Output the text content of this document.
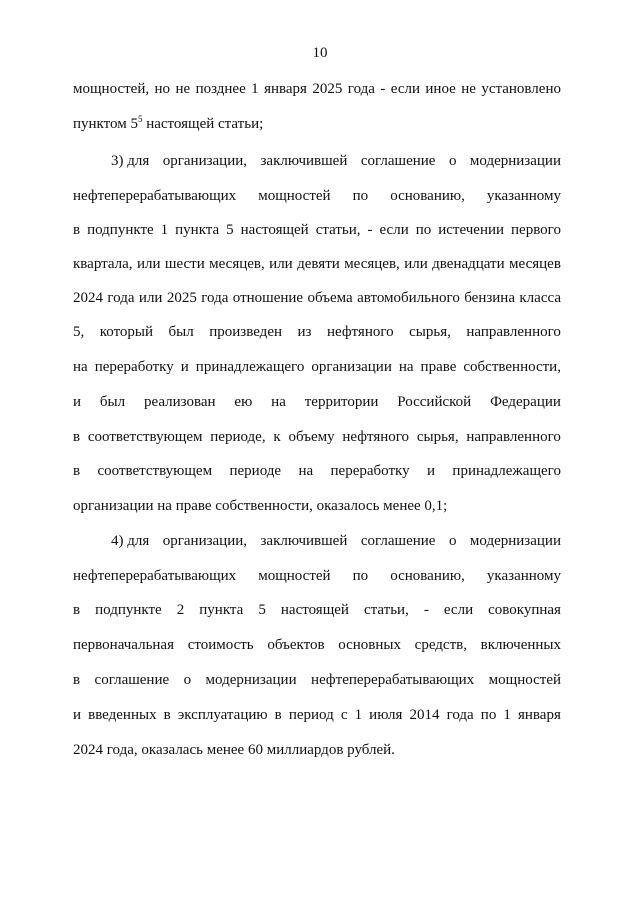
10
мощностей, но не позднее 1 января 2025 года - если иное не установлено
пунктом $5^5$ настоящей статьи;
3) для организации, заключившей соглашение о модернизации
нефтеперерабатывающих мощностей по основанию, указанному
в подпункте 1 пункта 5 настоящей статьи, - если по истечении первого
квартала, или шести месяцев, или девяти месяцев, или двенадцати месяцев
2024 года или 2025 года отношение объема автомобильного бензина класса
5, который был произведен из нефтяного сырья, направленного
на переработку и принадлежащего организации на праве собственности,
и был реализован ею на территории Российской Федерации
в соответствующем периоде, к объему нефтяного сырья, направленного
в соответствующем периоде на переработку и принадлежащего
организации на праве собственности, оказалось менее 0,1;
4) для организации, заключившей соглашение о модернизации
нефтеперерабатывающих мощностей по основанию, указанному
в подпункте 2 пункта 5 настоящей статьи, - если совокупная
первоначальная стоимость объектов основных средств, включенных
в соглашение о модернизации нефтеперерабатывающих мощностей
и введенных в эксплуатацию в период с 1 июля 2014 года по 1 января
2024 года, оказалась менее 60 миллиардов рублей.
